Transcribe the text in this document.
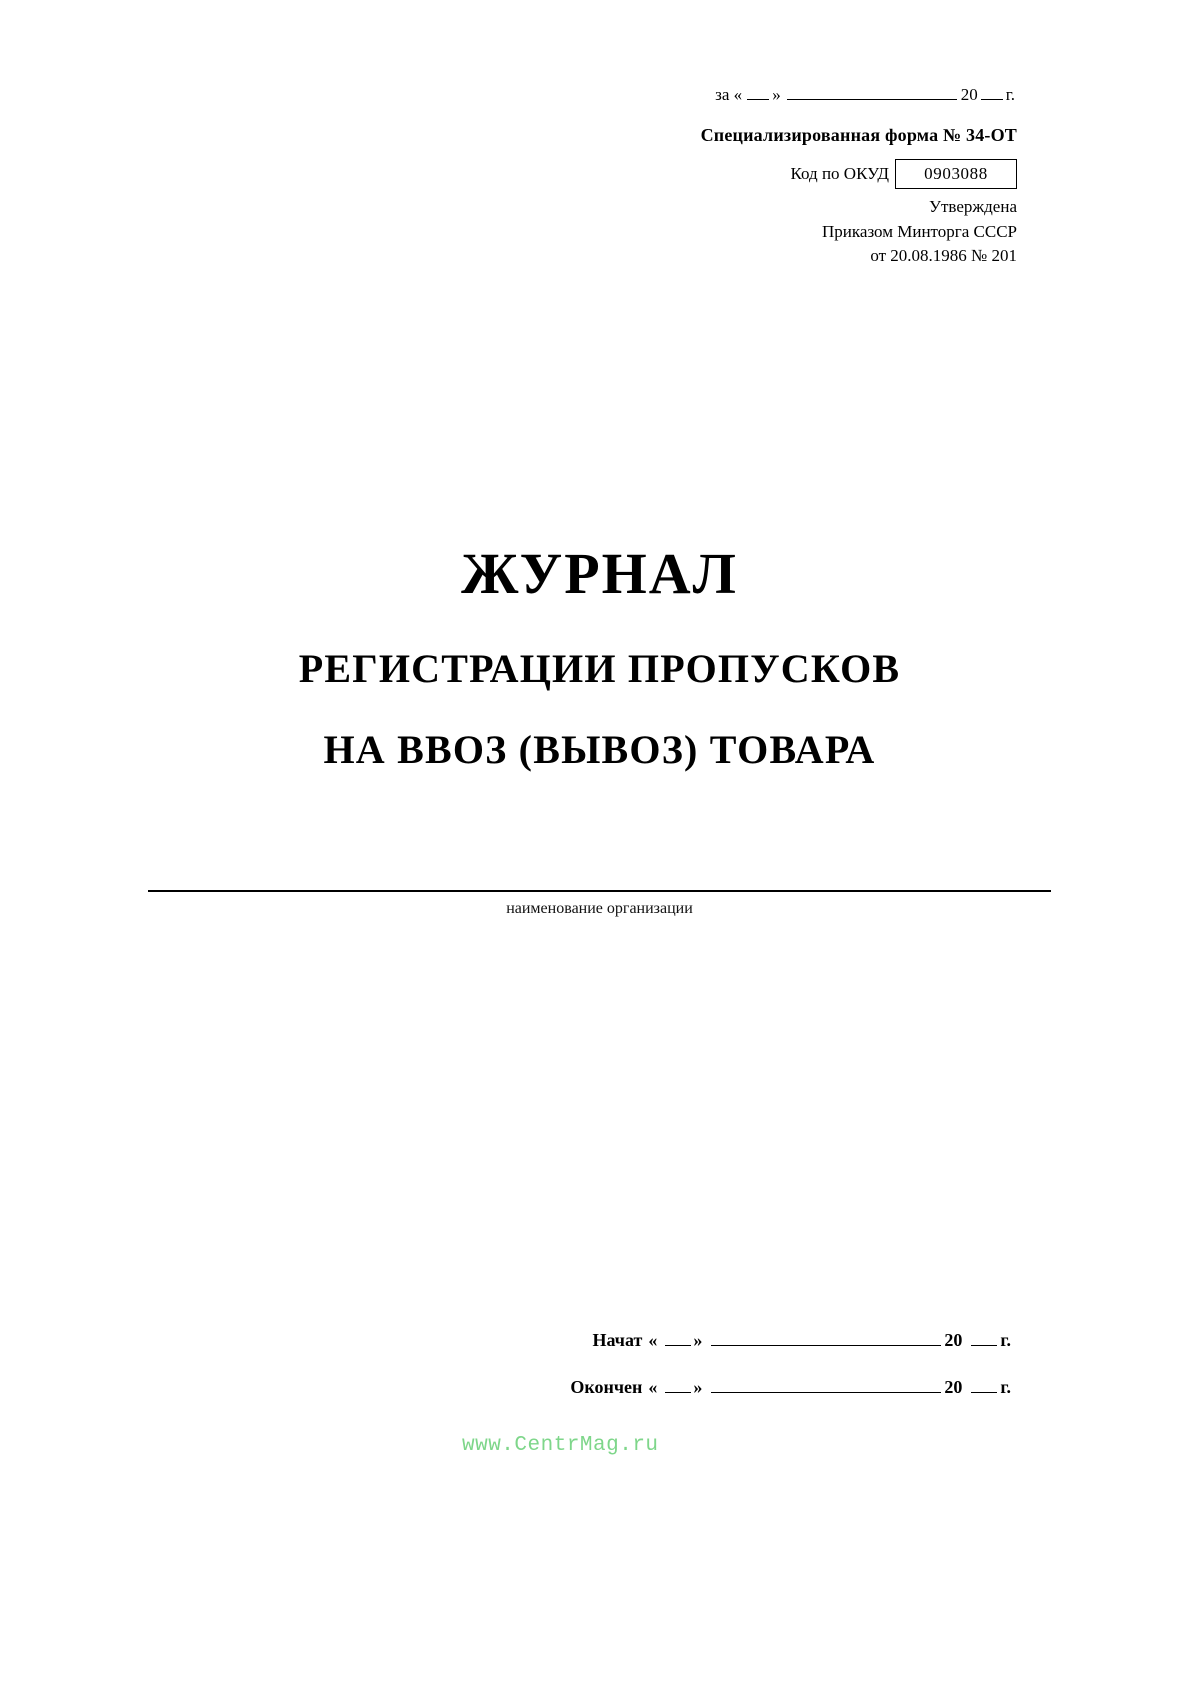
за « »	20 г.
Специализированная форма № 34-ОТ
Код по ОКУД	0903088
Утверждена
Приказом Минторга СССР
от 20.08.1986 № 201
ЖУРНАЛ
РЕГИСТРАЦИИ ПРОПУСКОВ
НА ВВОЗ (ВЫВОЗ) ТОВАРА
наименование организации
Начат « »	20 г.
Окончен « »	20 г.
www.CentrMag.ru
